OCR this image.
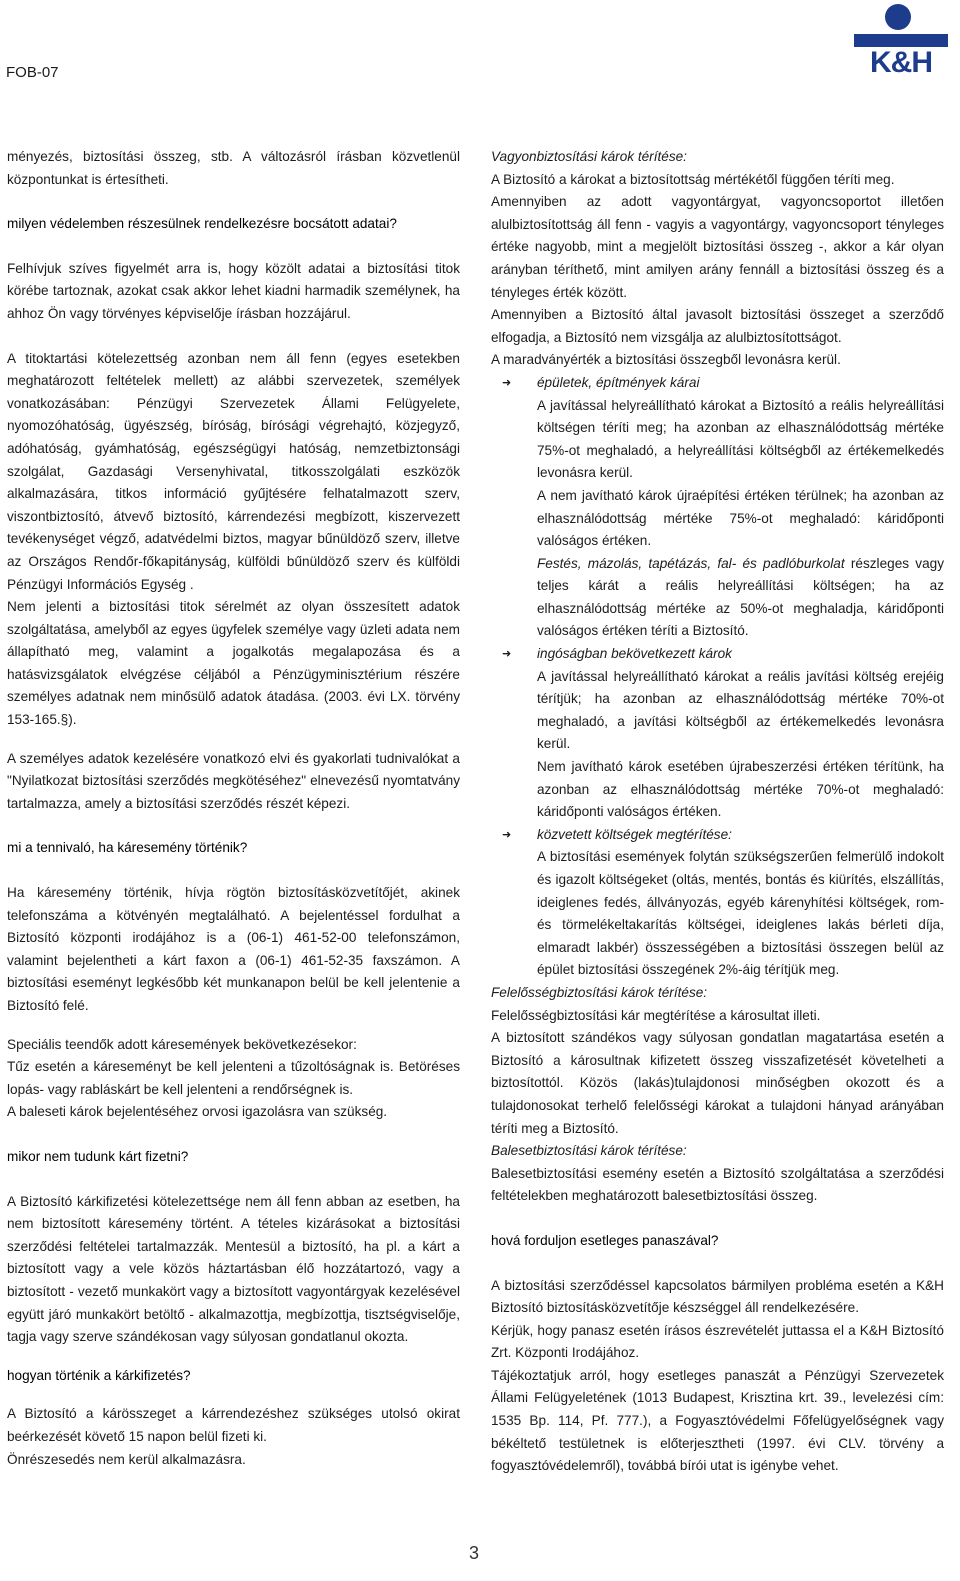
FOB-07	K&H

ményezés, biztosítási összeg, stb. A változásról írásban közvetlenül központunkat is értesítheti.

milyen védelemben részesülnek rendelkezésre bocsátott adatai?

Felhívjuk szíves figyelmét arra is, hogy közölt adatai a biztosítási titok körébe tartoznak, azokat csak akkor lehet kiadni harmadik személynek, ha ahhoz Ön vagy törvényes képviselője írásban hozzájárul.

A titoktartási kötelezettség azonban nem áll fenn (egyes esetekben meghatározott feltételek mellett) az alábbi szervezetek, személyek vonatkozásában: Pénzügyi Szervezetek Állami Felügyelete, nyomozóhatóság, ügyészség, bíróság, bírósági végrehajtó, közjegyző, adóhatóság, gyámhatóság, egészségügyi hatóság, nemzetbiztonsági szolgálat, Gazdasági Versenyhivatal, titkosszolgálati eszközök alkalmazására, titkos információ gyűjtésére felhatalmazott szerv, viszontbiztosító, átvevő biztosító, kárrendezési megbízott, kiszervezett tevékenységet végző, adatvédelmi biztos, magyar bűnüldöző szerv, illetve az Országos Rendőr-főkapitányság, külföldi bűnüldöző szerv és külföldi Pénzügyi Információs Egység .

Nem jelenti a biztosítási titok sérelmét az olyan összesített adatok szolgáltatása, amelyből az egyes ügyfelek személye vagy üzleti adata nem állapítható meg, valamint a jogalkotás megalapozása és a hatásvizsgálatok elvégzése céljából a Pénzügyminisztérium részére személyes adatnak nem minősülő adatok átadása. (2003. évi LX. törvény 153-165.§).

A személyes adatok kezelésére vonatkozó elvi és gyakorlati tudnivalókat a "Nyilatkozat biztosítási szerződés megkötéséhez" elnevezésű nyomtatvány tartalmazza, amely a biztosítási szerződés részét képezi.

mi a tennivaló, ha káresemény történik?

Ha káresemény történik, hívja rögtön biztosításközvetítőjét, akinek telefonszáma a kötvényén megtalálható. A bejelentéssel fordulhat a Biztosító központi irodájához is a (06-1) 461-52-00 telefonszámon, valamint bejelentheti a kárt faxon a (06-1) 461-52-35 faxszámon. A biztosítási eseményt legkésőbb két munkanapon belül be kell jelentenie a Biztosító felé.

Speciális teendők adott káresemények bekövetkezésekor:

Tűz esetén a káreseményt be kell jelenteni a tűzoltóságnak is. Betöréses lopás- vagy rabláskárt be kell jelenteni a rendőrségnek is.

A baleseti károk bejelentéséhez orvosi igazolásra van szükség.

mikor nem tudunk kárt fizetni?

A Biztosító kárkifizetési kötelezettsége nem áll fenn abban az esetben, ha nem biztosított káresemény történt. A tételes kizárásokat a biztosítási szerződési feltételei tartalmazzák. Mentesül a biztosító, ha pl. a kárt a biztosított vagy a vele közös háztartásban élő hozzátartozó, vagy a biztosított - vezető munkakört vagy a biztosított vagyontárgyak kezelésével együtt járó munkakört betöltő - alkalmazottja, megbízottja, tisztségviselője, tagja vagy szerve szándékosan vagy súlyosan gondatlanul okozta.

hogyan történik a kárkifizetés?

A Biztosító a kárösszeget a kárrendezéshez szükséges utolsó okirat beérkezését követő 15 napon belül fizeti ki.

Önrészesedés nem kerül alkalmazásra.

Vagyonbiztosítási károk térítése:

A Biztosító a károkat a biztosítottság mértékétől függően téríti meg.

Amennyiben az adott vagyontárgyat, vagyoncsoportot illetően alulbiztosítottság áll fenn - vagyis a vagyontárgy, vagyoncsoport tényleges értéke nagyobb, mint a megjelölt biztosítási összeg -, akkor a kár olyan arányban téríthető, mint amilyen arány fennáll a biztosítási összeg és a tényleges érték között.

Amennyiben a Biztosító által javasolt biztosítási összeget a szerződő elfogadja, a Biztosító nem vizsgálja az alulbiztosítottságot.

A maradványérték a biztosítási összegből levonásra kerül.

➜ épületek, építmények kárai

A javítással helyreállítható károkat a Biztosító a reális helyreállítási költségen téríti meg; ha azonban az elhasználódottság mértéke 75%-ot meghaladó, a helyreállítási költségből az értékemelkedés levonásra kerül.

A nem javítható károk újraépítési értéken térülnek; ha azonban az elhasználódottság mértéke 75%-ot meghaladó: káridőponti valóságos értéken.

Festés, mázolás, tapétázás, fal- és padlóburkolat részleges vagy teljes kárát a reális helyreállítási költségen; ha az elhasználódottság mértéke az 50%-ot meghaladja, káridőponti valóságos értéken téríti a Biztosító.

➜ ingóságban bekövetkezett károk

A javítással helyreállítható károkat a reális javítási költség erejéig térítjük; ha azonban az elhasználódottság mértéke 70%-ot meghaladó, a javítási költségből az értékemelkedés levonásra kerül.

Nem javítható károk esetében újrabeszerzési értéken térítünk, ha azonban az elhasználódottság mértéke 70%-ot meghaladó: káridőponti valóságos értéken.

➜ közvetett költségek megtérítése:

A biztosítási események folytán szükségszerűen felmerülő indokolt és igazolt költségeket (oltás, mentés, bontás és kiürítés, elszállítás, ideiglenes fedés, állványozás, egyéb kárenyhítési költségek, rom- és törmelékeltakarítás költségei, ideiglenes lakás bérleti díja, elmaradt lakbér) összességében a biztosítási összegen belül az épület biztosítási összegének 2%-áig térítjük meg.

Felelősségbiztosítási károk térítése:

Felelősségbiztosítási kár megtérítése a károsultat illeti.

A biztosított szándékos vagy súlyosan gondatlan magatartása esetén a Biztosító a károsultnak kifizetett összeg visszafizetését követelheti a biztosítottól. Közös (lakás)tulajdonosi minőségben okozott és a tulajdonosokat terhelő felelősségi károkat a tulajdoni hányad arányában téríti meg a Biztosító.

Balesetbiztosítási károk térítése:

Balesetbiztosítási esemény esetén a Biztosító szolgáltatása a szerződési feltételekben meghatározott balesetbiztosítási összeg.

hová forduljon esetleges panaszával?

A biztosítási szerződéssel kapcsolatos bármilyen probléma esetén a K&H Biztosító biztosításközvetítője készséggel áll rendelkezésére.

Kérjük, hogy panasz esetén írásos észrevételét juttassa el a K&H Biztosító Zrt. Központi Irodájához.

Tájékoztatjuk arról, hogy esetleges panaszát a Pénzügyi Szervezetek Állami Felügyeletének (1013 Budapest, Krisztina krt. 39., levelezési cím: 1535 Bp. 114, Pf. 777.), a Fogyasztóvédelmi Főfelügyelőségnek vagy békéltető testületnek is előterjesztheti (1997. évi CLV. törvény a fogyasztóvédelemről), továbbá bírói utat is igénybe vehet.

3
